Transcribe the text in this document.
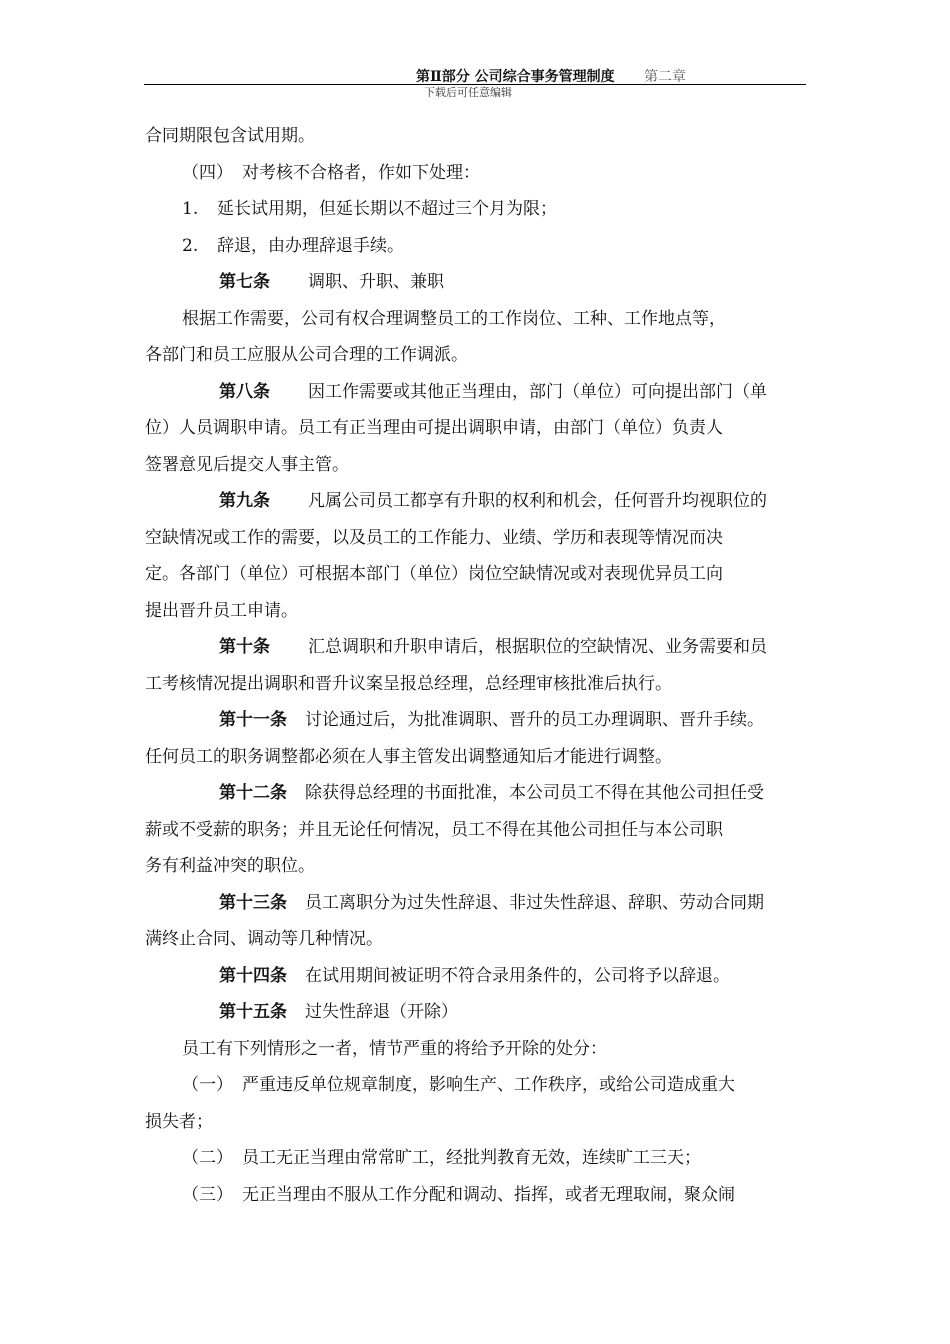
第Ⅱ部分 公司综合事务管理制度 第二章
下载后可任意编辑

合同期限包含试用期。

（四） 对考核不合格者，作如下处理：

1. 延长试用期，但延长期以不超过三个月为限；

2. 辞退，由办理辞退手续。

第七条 调职、升职、兼职

根据工作需要，公司有权合理调整员工的工作岗位、工种、工作地点等，

各部门和员工应服从公司合理的工作调派。

第八条 因工作需要或其他正当理由，部门（单位）可向提出部门（单

位）人员调职申请。员工有正当理由可提出调职申请，由部门（单位）负责人

签署意见后提交人事主管。

第九条 凡属公司员工都享有升职的权利和机会，任何晋升均视职位的

空缺情况或工作的需要，以及员工的工作能力、业绩、学历和表现等情况而决

定。各部门（单位）可根据本部门（单位）岗位空缺情况或对表现优异员工向

提出晋升员工申请。

第十条 汇总调职和升职申请后，根据职位的空缺情况、业务需要和员

工考核情况提出调职和晋升议案呈报总经理，总经理审核批准后执行。

第十一条 讨论通过后，为批准调职、晋升的员工办理调职、晋升手续。

任何员工的职务调整都必须在人事主管发出调整通知后才能进行调整。

第十二条 除获得总经理的书面批准，本公司员工不得在其他公司担任受

薪或不受薪的职务；并且无论任何情况，员工不得在其他公司担任与本公司职

务有利益冲突的职位。

第十三条 员工离职分为过失性辞退、非过失性辞退、辞职、劳动合同期

满终止合同、调动等几种情况。

第十四条 在试用期间被证明不符合录用条件的，公司将予以辞退。

第十五条 过失性辞退（开除）

员工有下列情形之一者，情节严重的将给予开除的处分：

（一） 严重违反单位规章制度，影响生产、工作秩序，或给公司造成重大

损失者；

（二） 员工无正当理由常常旷工，经批判教育无效，连续旷工三天；

（三） 无正当理由不服从工作分配和调动、指挥，或者无理取闹，聚众闹
